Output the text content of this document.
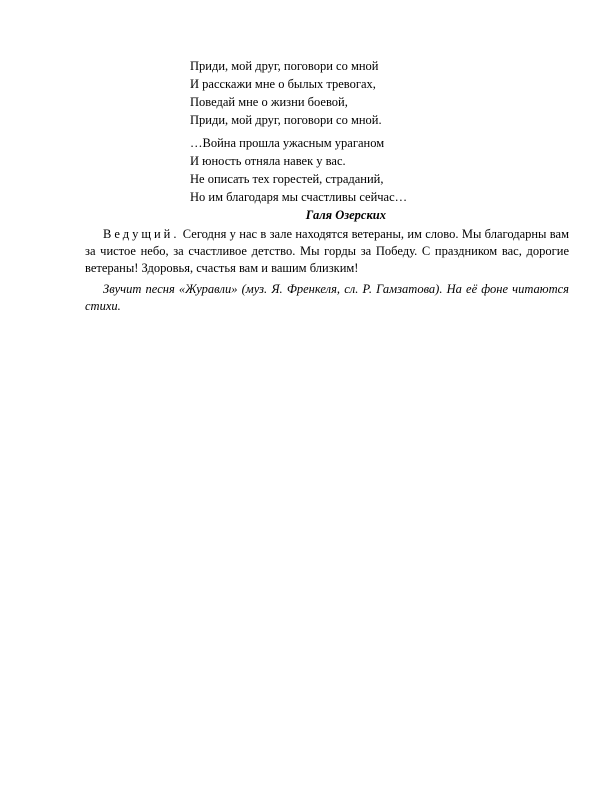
Приди, мой друг, поговори со мной
И расскажи мне о былых тревогах,
Поведай мне о жизни боевой,
Приди, мой друг, поговори со мной.
…Война прошла ужасным ураганом
И юность отняла навек у вас.
Не описать тех горестей, страданий,
Но им благодаря мы счастливы сейчас…
Галя Озерских

Ведущий. Сегодня у нас в зале находятся ветераны, им слово. Мы благодарны вам за чистое небо, за счастливое детство. Мы горды за Победу. С праздником вас, дорогие ветераны! Здоровья, счастья вам и вашим близким!

Звучит песня «Журавли» (муз. Я. Френкеля, сл. Р. Гамзатова). На её фоне читаются стихи.
